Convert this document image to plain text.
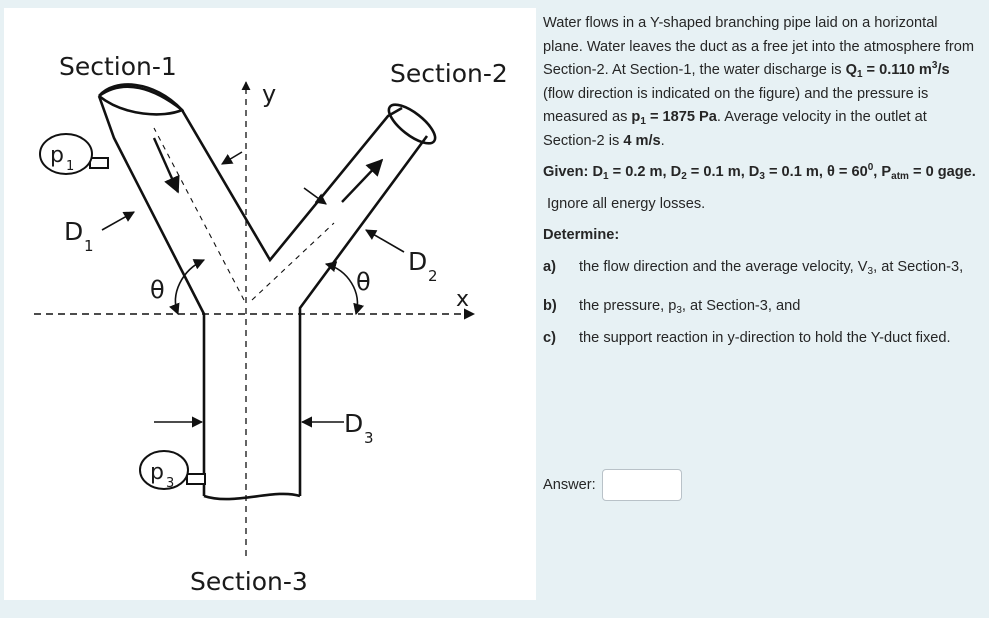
p 1
p 3
Section-1	Section-2
Section-3
D 1
D 2
D 3
θ	θ
y
x

Water flows in a Y-shaped branching pipe laid on a horizontal plane. Water leaves the duct as a free jet into the atmosphere from Section-2. At Section-1, the water discharge is $Q_1 = 0.110$ $m^3/s$ (flow direction is indicated on the figure) and the pressure is measured as $p_1 = 1875$ Pa. Average velocity in the outlet at Section-2 is 4 m/s.

Given: $D_1 = 0.2$ m, $D_2 = 0.1$ m, $D_3 = 0.1$ m, $\theta = 60^0$, $P_{atm} = 0$ gage.

Ignore all energy losses.

Determine:

a) the flow direction and the average velocity, $V_3$, at Section-3,

b) the pressure, $p_3$, at Section-3, and

c) the support reaction in y-direction to hold the Y-duct fixed.

Answer:
